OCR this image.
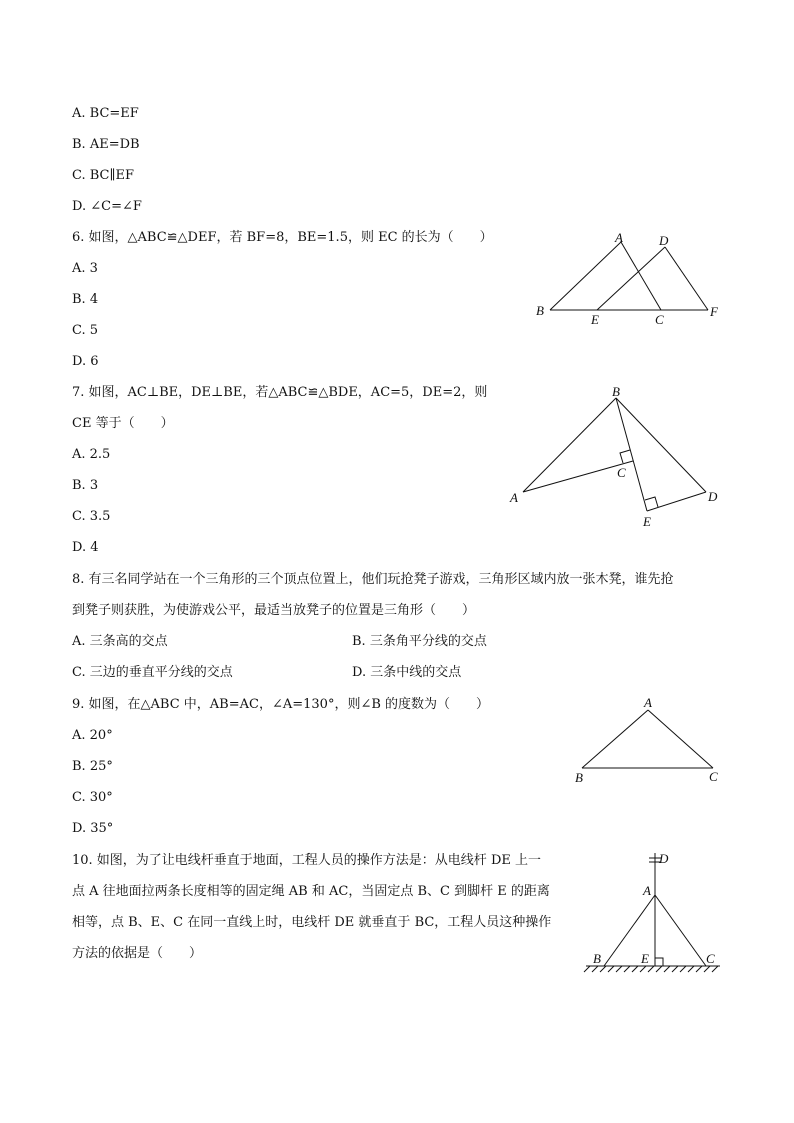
A. BC=EF
B. AE=DB
C. BC∥EF
D. ∠C=∠F
6. 如图，△ABC≌△DEF，若 BF=8，BE=1.5，则 EC 的长为（　　）
A. 3
B. 4
C. 5
D. 6
A	D
B
E	C
F
7. 如图，AC⊥BE，DE⊥BE，若△ABC≌△BDE，AC=5，DE=2，则
CE 等于（　　）
A. 2.5
B. 3
C. 3.5
D. 4
B
C
A	D
E
8. 有三名同学站在一个三角形的三个顶点位置上，他们玩抢凳子游戏，三角形区域内放一张木凳，谁先抢
到凳子则获胜，为使游戏公平，最适当放凳子的位置是三角形（　　）
A. 三条高的交点	B. 三条角平分线的交点
C. 三边的垂直平分线的交点	D. 三条中线的交点
9. 如图，在△ABC 中，AB=AC，∠A=130°，则∠B 的度数为（　　）
A. 20°
B. 25°
C. 30°
D. 35°
A
B	C
10. 如图，为了让电线杆垂直于地面，工程人员的操作方法是：从电线杆 DE 上一
点 A 往地面拉两条长度相等的固定绳 AB 和 AC，当固定点 B、C 到脚杆 E 的距离
相等，点 B、E、C 在同一直线上时，电线杆 DE 就垂直于 BC，工程人员这种操作
方法的依据是（　　）
D
A
B	E	C
